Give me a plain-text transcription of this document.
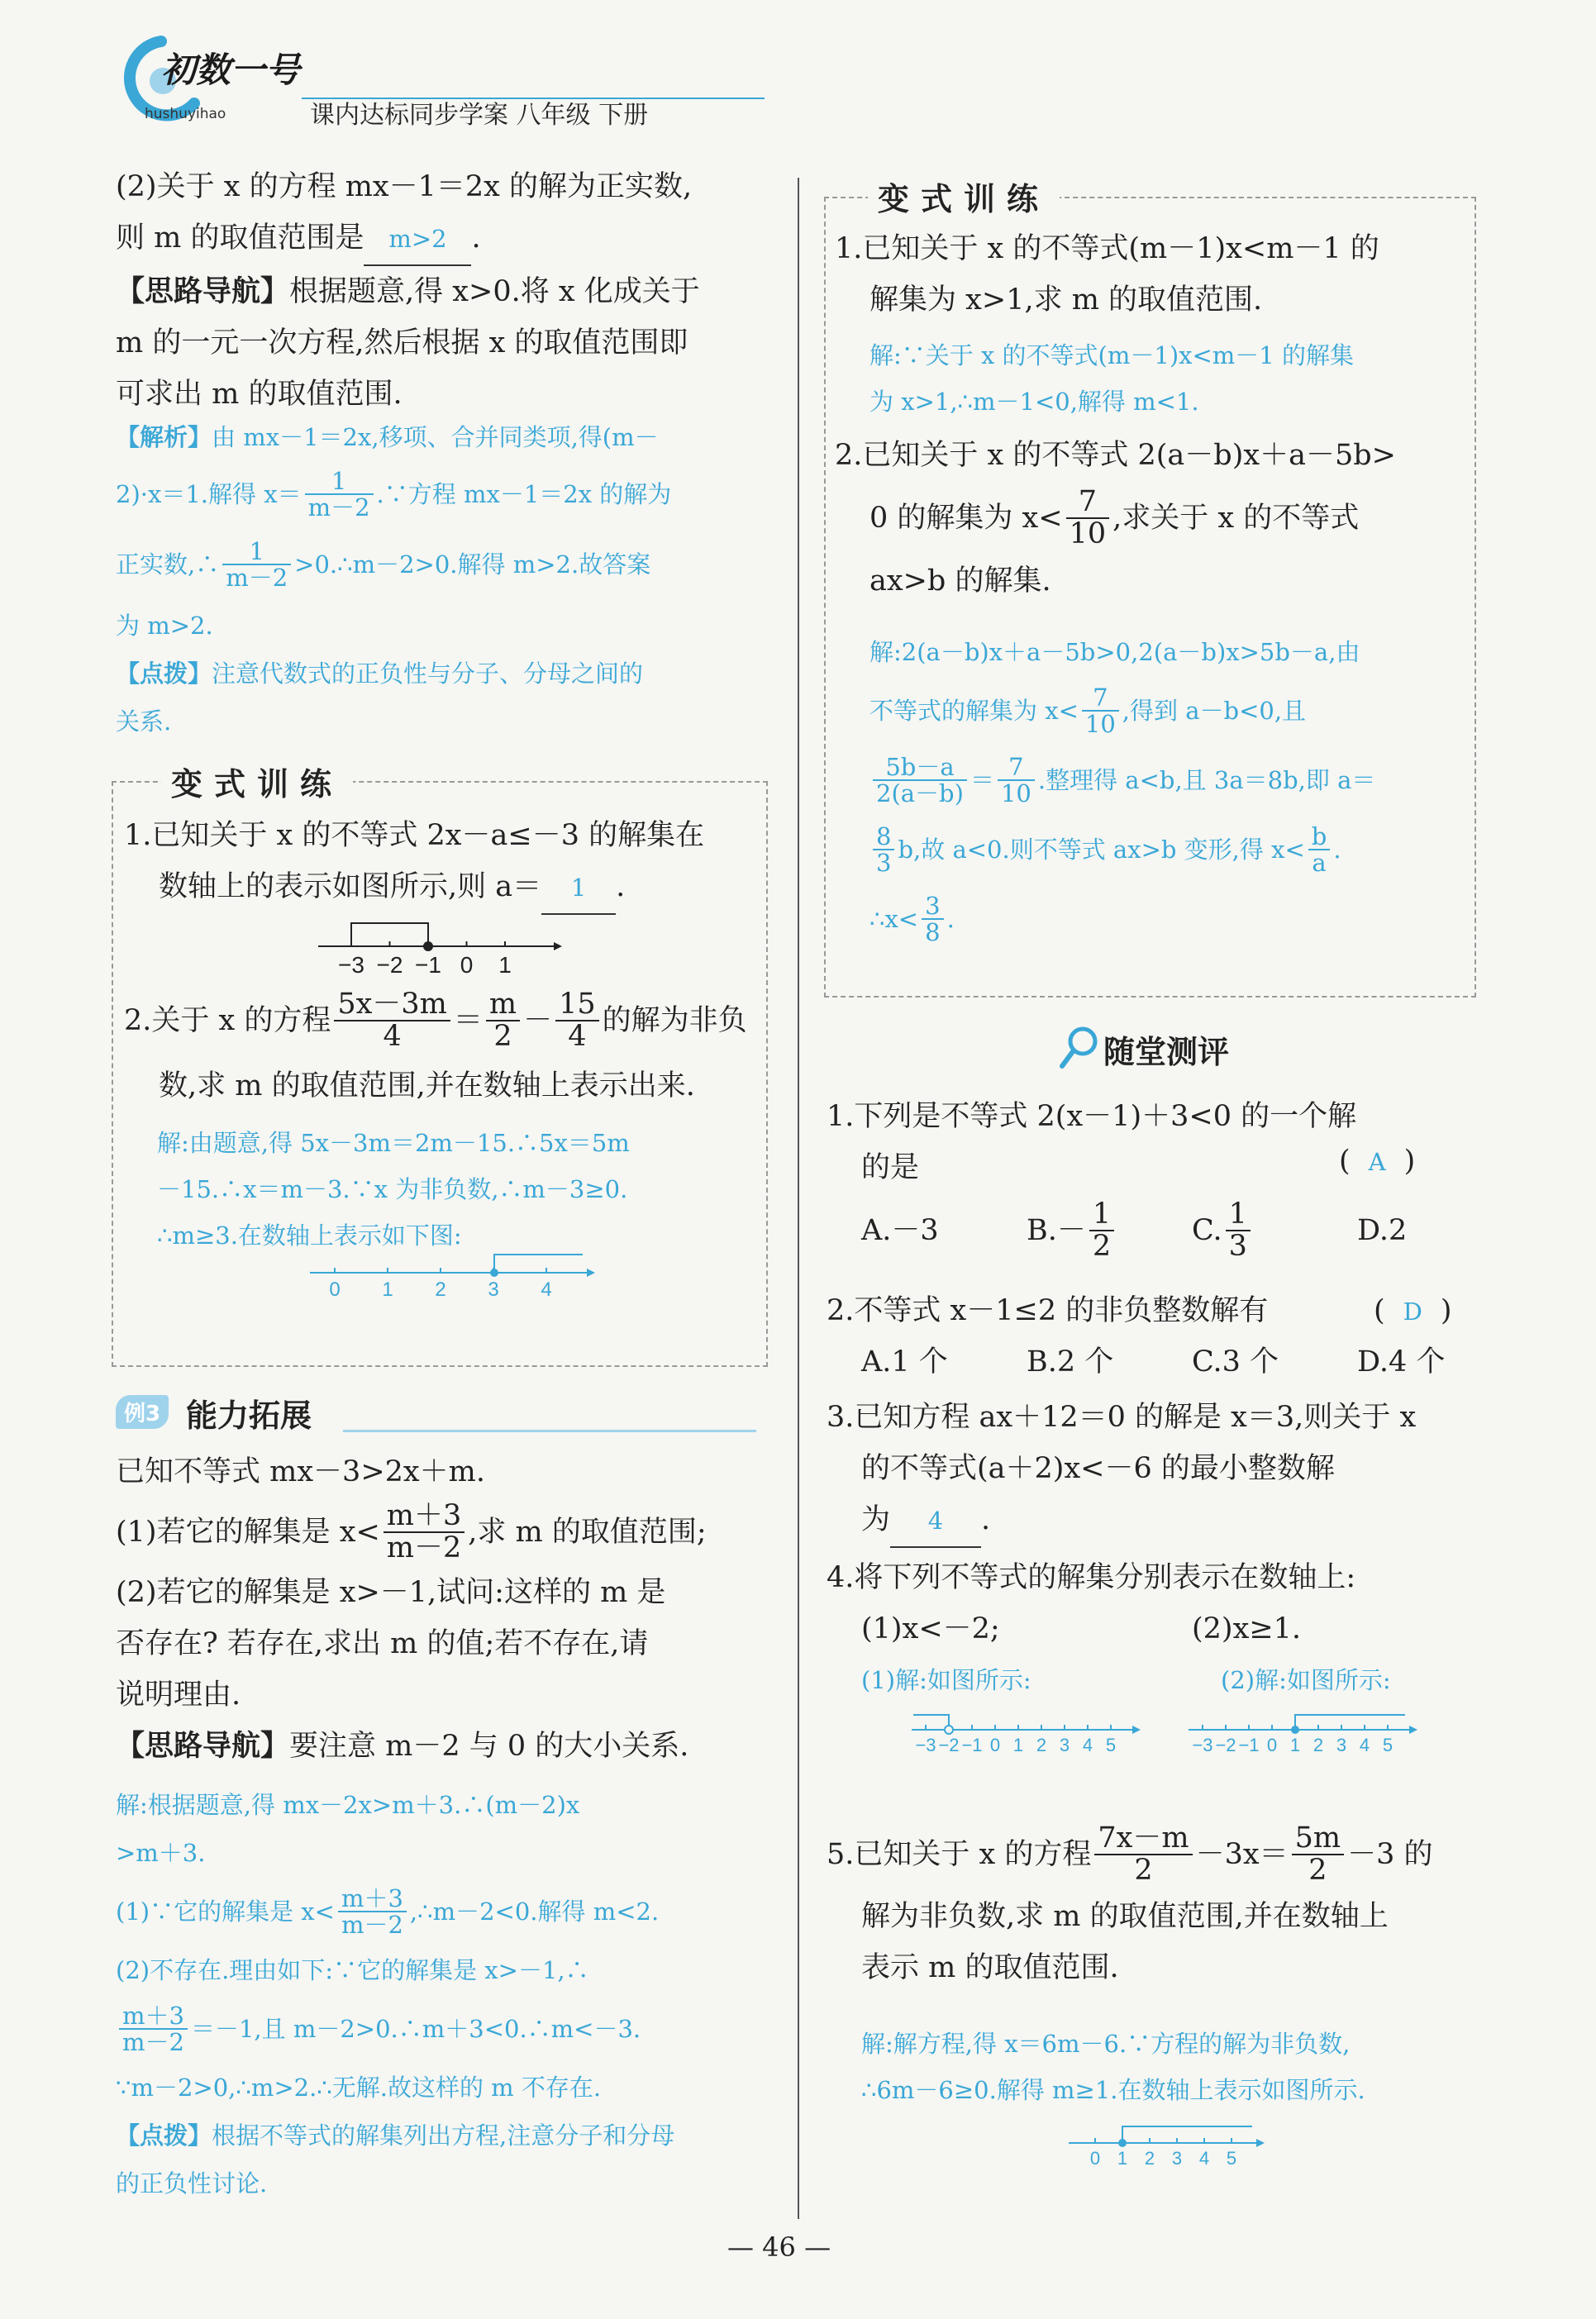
初数一号
hushuyihao	课内达标同步学案 八年级 下册
(2)关于 x 的方程 mx－1＝2x 的解为正实数,
则 m 的取值范围是 m>2 .
【思路导航】根据题意,得 x>0.将 x 化成关于
m 的一元一次方程,然后根据 x 的取值范围即
可求出 m 的取值范围.
【解析】由 mx－1＝2x,移项、合并同类项,得(m－
2)·x＝1.解得 $x= \frac{1}{m-2}$ .∵方程 mx－1＝2x 的解为
正实数,∴ $\frac{1}{m-2}$ >0.∴m－2>0.解得 m>2.故答案
为 m>2.
【点拨】注意代数式的正负性与分子、分母之间的
关系.
变式训练
1.已知关于 x 的不等式 2x－a≤－3 的解集在
数轴上的表示如图所示,则 a＝ 1 .
−3 −2 −1 0 1
2.关于 x 的方程 $\frac{5x-3m}{4} = \frac{m}{2} - \frac{15}{4}$ 的解为非负
数,求 m 的取值范围,并在数轴上表示出来.
解:由题意,得 5x－3m＝2m－15.∴5x＝5m
－15.∴x＝m－3.∵x 为非负数,∴m－3≥0.
∴m≥3.在数轴上表示如下图:
0 1 2 3 4
例3 能力拓展
已知不等式 mx－3>2x＋m.
(1)若它的解集是 $x< \frac{m+3}{m-2}$ ,求 m 的取值范围;
(2)若它的解集是 x>－1,试问:这样的 m 是
否存在? 若存在,求出 m 的值;若不存在,请
说明理由.
【思路导航】要注意 m－2 与 0 的大小关系.
解:根据题意,得 mx－2x>m＋3.∴(m－2)x
>m＋3.
(1)∵它的解集是 $x< \frac{m+3}{m-2}$ ,∴m－2<0.解得 m<2.
(2)不存在.理由如下:∵它的解集是 x>－1,∴
$\frac{m+3}{m-2} =-1$,且 m－2>0.∴m＋3<0.∴m<－3.
∵m－2>0,∴m>2.∴无解.故这样的 m 不存在.
【点拨】根据不等式的解集列出方程,注意分子和分母
的正负性讨论.
变式训练
1.已知关于 x 的不等式(m－1)x<m－1 的
解集为 x>1,求 m 的取值范围.
解:∵关于 x 的不等式(m－1)x<m－1 的解集
为 x>1,∴m－1<0,解得 m<1.
2.已知关于 x 的不等式 2(a－b)x＋a－5b>
0 的解集为 $x< \frac{7}{10}$ ,求关于 x 的不等式
ax>b 的解集.
解:2(a－b)x＋a－5b>0,2(a－b)x>5b－a,由
不等式的解集为 $x< \frac{7}{10}$ ,得到 a－b<0,且
$\frac{5b-a}{2(a-b)} = \frac{7}{10}$ .整理得 a<b,且 3a＝8b,即 a＝
$\frac{8}{3} b$,故 a<0.则不等式 ax>b 变形,得 $x< \frac{b}{a}$ .
∴x< $\frac{3}{8}$ .
随堂测评
1.下列是不等式 2(x－1)＋3<0 的一个解
的是	( A )
A.－3	$B.- \frac{1}{2}$	C. $\frac{1}{3}$	D.2
2.不等式 x－1≤2 的非负整数解有	( D )
A.1 个	B.2 个	C.3 个	D.4 个
3.已知方程 ax＋12＝0 的解是 x＝3,则关于 x
的不等式(a＋2)x<－6 的最小整数解
为 4 .
4.将下列不等式的解集分别表示在数轴上:
(1)x<－2;	(2)x≥1.
(1)解:如图所示:	(2)解:如图所示:
−3 −2 −1 0 1 2 3 4 5	−3 −2 −1 0 1 2 3 4 5
5.已知关于 x 的方程 $\frac{7x-m}{2} -3x= \frac{5m}{2} -3$ 的
解为非负数,求 m 的取值范围,并在数轴上
表示 m 的取值范围.
解:解方程,得 x＝6m－6.∵方程的解为非负数,
∴6m－6≥0.解得 m≥1.在数轴上表示如图所示.
0 1 2 3 4 5
— 46 —
